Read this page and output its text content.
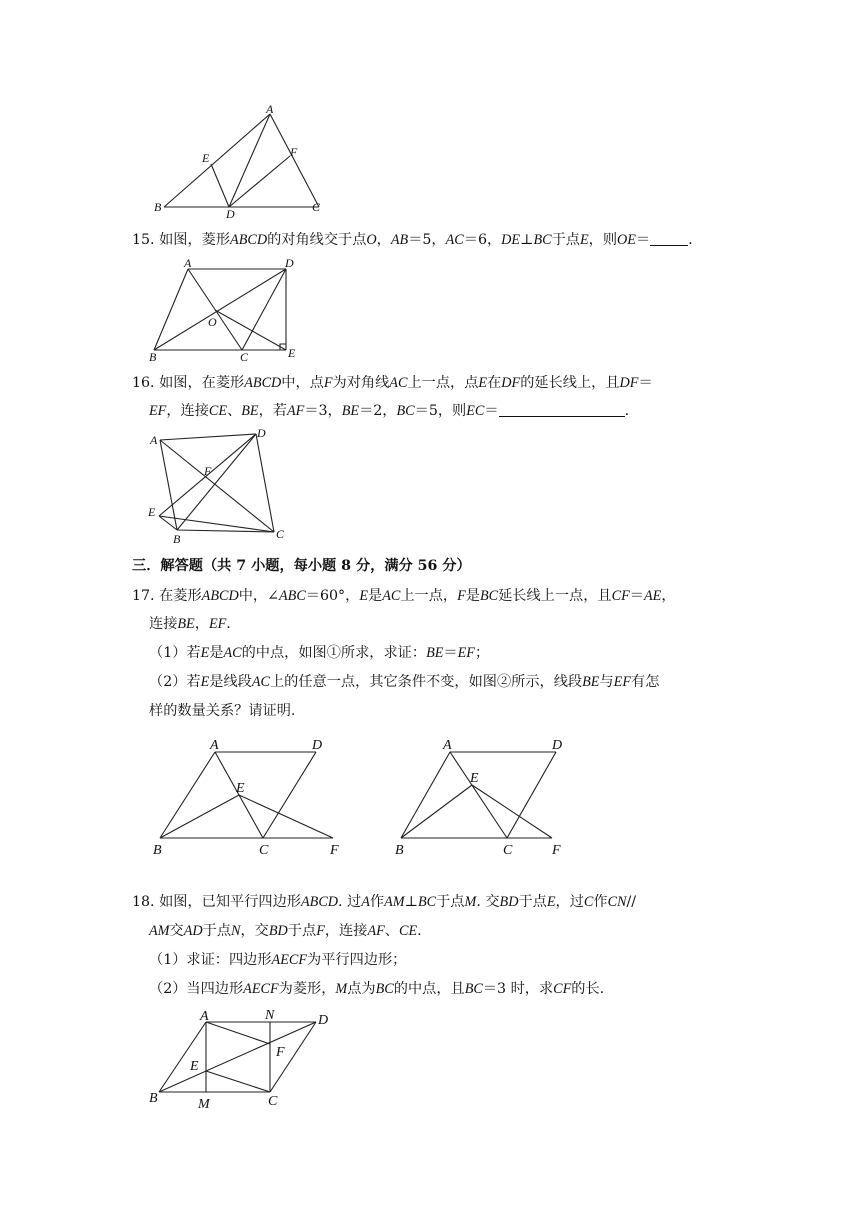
A
E	F
B	D	C
15. 如图，菱形ABCD的对角线交于点O，AB＝5，AC＝6，DE⊥BC于点E，则OE＝	.
A	D
O
B	C	E
16. 如图，在菱形ABCD中，点F为对角线AC上一点，点E在DF的延长线上，且DF＝
EF，连接CE、BE，若AF＝3，BE＝2，BC＝5，则EC＝	.
A	D
F
E
B	C
三．解答题（共 7 小题，每小题 8 分，满分 56 分）
17. 在菱形ABCD中，∠ABC＝60°，E是AC上一点，F是BC延长线上一点，且CF＝AE，
连接BE，EF.
（1）若E是AC的中点，如图①所求，求证：BE＝EF；
（2）若E是线段AC上的任意一点，其它条件不变，如图②所示，线段BE与EF有怎
样的数量关系？请证明.
A	D
E
B	C	F
A	D
E
B	C	F
18. 如图，已知平行四边形ABCD. 过A作AM⊥BC于点M. 交BD于点E，过C作CN//
AM交AD于点N，交BD于点F，连接AF、CE.
（1）求证：四边形AECF为平行四边形；
（2）当四边形AECF为菱形，M点为BC的中点，且BC＝3 时，求CF的长.
A	N	D
F
E
B	M	C
